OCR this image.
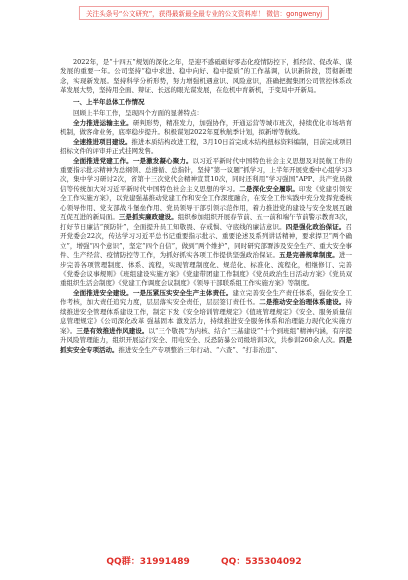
关注头条号“公文研究”，获得最新最全最专业的公文资料库！ 微信：gongwenyj

2022年，是“十四五”规划的深化之年，是迎不惑砥砺好零态化疫情防控下，抓经营、促改革、谋发展的重要一年。公司坚持“稳中求进、稳中向好、稳中提质”的工作基调，认识新阶段，贯彻新理念，实现新发展。坚持科学分析形势，努力增强机遇意识、风险意识，准确把握集团公司管控体系改革发展大势，坚持用全面、辩证、长远的眼光谋发展，在危机中育新机，于变局中开新局。

一、上半年总体工作情况

回顾上半年工作，呈现四个方面的显著特点：

全力推进运输主业。研判形势，精准发力，加强协作，开通运营等城市班次，持续优化市场培育机制，做客命业务，底率稳步提升。积极谋划2022年夏秋航季计划，拟新增等航线。

全速推进项目建设。推进本质结构改进工程，3月10日首完成木结构扭标资料编制，目前完成项目招标文件的评审并正式挂网发售。

全面推进党建工作。一是激发凝心聚力。以习近平新时代中国特色社会主义思想及对民航工作的重要指示批示精神为总纲领、总遵循、总指针，坚持“第一议题”抓学习，上半年开展党委中心组学习3次，集中学习研讨2次，省第十三次党代会精神宣贯10次，同时还利用“学习强国”APP、共产党员微信等传统加大对习近平新时代中国特色社会主义思想的学习。二是深化安全履职。印发《党建引领安全工作实施方案》，以党建强基推动党建工作和安全工作深度融合，在安全工作实践中充分发挥党委核心领导作用、党支部战斗堡垒作用、党员领导干部引领示范作用，着力推进党的建设与安全发展互融互促互进的新局面。三是抓实廉政建设。组织参加组织开展春节前、五一前和端午节前警示教育3次，打好节日廉洁“预防针”，全面提升员工知敬畏、存戒惧、守底线的廉洁意识。四是强化政治保证。召开党委会22次，传达学习习近平总书记重要指示批示、重要论述及系列讲话精神，要求捍卫“两个确立”，增强“四个意识”，坚定“四个自信”，做到“两个维护”，同时研究部署涉及安全生产、重大安全事件、生产经营、疫情防控等工作，为抓好抓实各项工作提供坚强政治保证。五是完善规章制度。进一步完善各项管理制度、体系、流程，实现管理制度化、规范化、标准化、流程化，相继修订、完善《党委会议事规则》《班组建设实施方案》《党建带团建工作制度》《党员政治生日活动方案》《党员双重组织生活会制度》《党建工作调度会议制度》《领导干部联系组工作实施方案》等制度。

全面推进安全建设。一是压紧压实安全生产主体责任。建立完善安全生产责任体系，强化安全工作考核，加大责任追究力度，层层落实安全责任，层层签订责任书。二是推动安全治理体系建设。持续推进安全管理体系建设工作，制定下发《安全培训管理规定》《值班管理规定》《安全、服务质量信息管理规定》《公司深化改革 强基固本 激发活力，持续推进安全服务体系和治理能力现代化实施方案》。三是有效推进作风建设。以“三个敬畏”为内核、结合“三基建设”“十个到班组”精神内涵，有序提升风险管理能力，组织开展运行安全、用电安全、反恐防暴公司级培训3次，共参训260余人次。四是抓实安全专项活动。推进安全生产专项整治三年行动、“六查”、“打非治违”、

QQ群：31991489	QQ：535304092
